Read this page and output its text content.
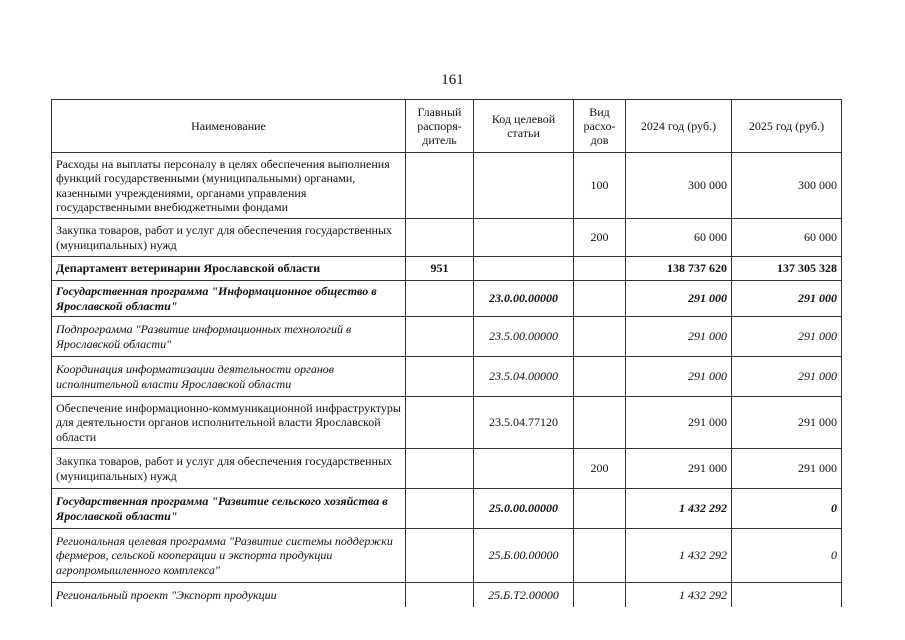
161
Наименование	Главный распоря-дитель	Код целевой статьи	Вид расхо-дов	2024 год (руб.)	2025 год (руб.)
Расходы на выплаты персоналу в целях обеспечения выполнения функций государственными (муниципальными) органами, казенными учреждениями, органами управления государственными внебюджетными фондами			100	300 000	300 000
Закупка товаров, работ и услуг для обеспечения государственных (муниципальных) нужд			200	60 000	60 000
Департамент ветеринарии Ярославской области	951			138 737 620	137 305 328
Государственная программа "Информационное общество в Ярославской области"		23.0.00.00000		291 000	291 000
Подпрограмма "Развитие информационных технологий в Ярославской области"		23.5.00.00000		291 000	291 000
Координация информатизации деятельности органов исполнительной власти Ярославской области		23.5.04.00000		291 000	291 000
Обеспечение информационно-коммуникационной инфраструктуры для деятельности органов исполнительной власти Ярославской области		23.5.04.77120		291 000	291 000
Закупка товаров, работ и услуг для обеспечения государственных (муниципальных) нужд			200	291 000	291 000
Государственная программа "Развитие сельского хозяйства в Ярославской области"		25.0.00.00000		1 432 292	0
Региональная целевая программа "Развитие системы поддержки фермеров, сельской кооперации и экспорта продукции агропромышленного комплекса"		25.Б.00.00000		1 432 292	0
Региональный проект "Экспорт продукции		25.Б.Т2.00000		1 432 292	
